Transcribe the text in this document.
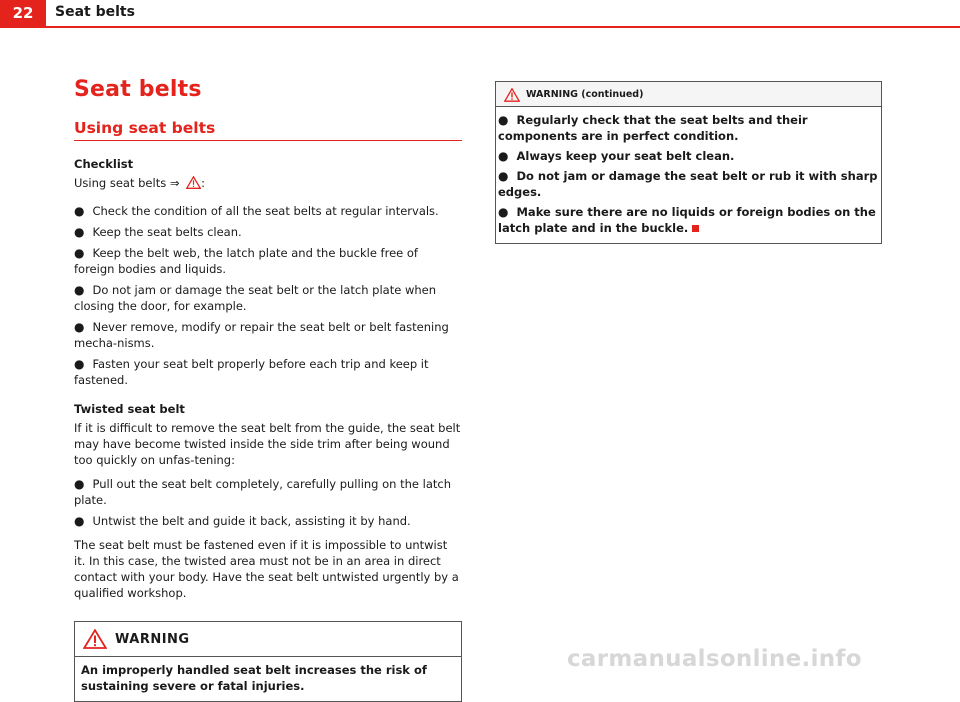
22	Seat belts
Seat belts
Using seat belts
Checklist

Using seat belts ⇒ :

● Check the condition of all the seat belts at regular intervals.
● Keep the seat belts clean.
● Keep the belt web, the latch plate and the buckle free of foreign bodies and liquids.
● Do not jam or damage the seat belt or the latch plate when closing the door, for example.
● Never remove, modify or repair the seat belt or belt fastening mecha-nisms.
● Fasten your seat belt properly before each trip and keep it fastened.
Twisted seat belt

If it is difficult to remove the seat belt from the guide, the seat belt may have become twisted inside the side trim after being wound too quickly on unfas-tening:

● Pull out the seat belt completely, carefully pulling on the latch plate.
● Untwist the belt and guide it back, assisting it by hand.

The seat belt must be fastened even if it is impossible to untwist it. In this case, the twisted area must not be in an area in direct contact with your body. Have the seat belt untwisted urgently by a qualified workshop.

WARNING
An improperly handled seat belt increases the risk of sustaining severe or fatal injuries.
WARNING (continued)
● Regularly check that the seat belts and their components are in perfect condition.
● Always keep your seat belt clean.
● Do not jam or damage the seat belt or rub it with sharp edges.
● Make sure there are no liquids or foreign bodies on the latch plate and in the buckle.
carmanualsonline.info
